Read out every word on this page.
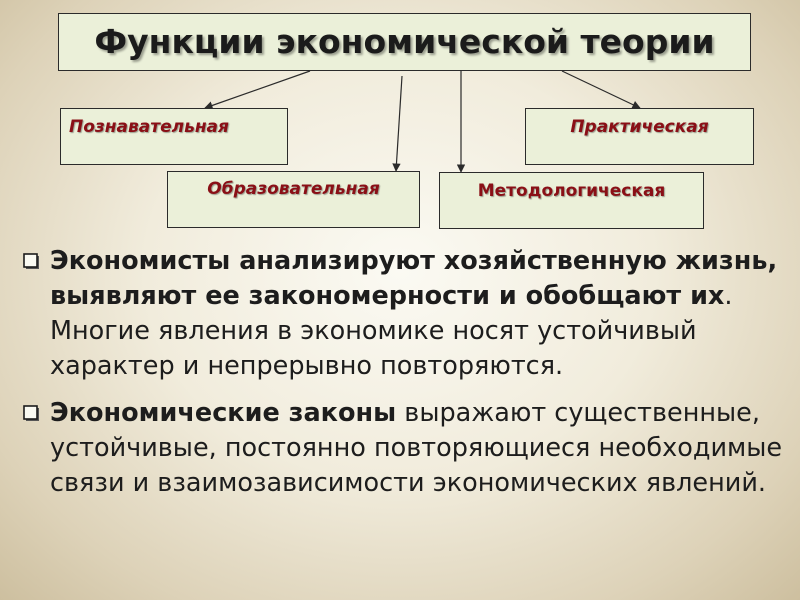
Функции экономической теории
Познавательная	Практическая
Образовательная	Методологическая
Экономисты анализируют хозяйственную жизнь, выявляют ее закономерности и обобщают их. Многие явления в экономике носят устойчивый характер и непрерывно повторяются.
Экономические законы выражают существенные, устойчивые, постоянно повторяющиеся необходимые связи и взаимозависимости экономических явлений.
